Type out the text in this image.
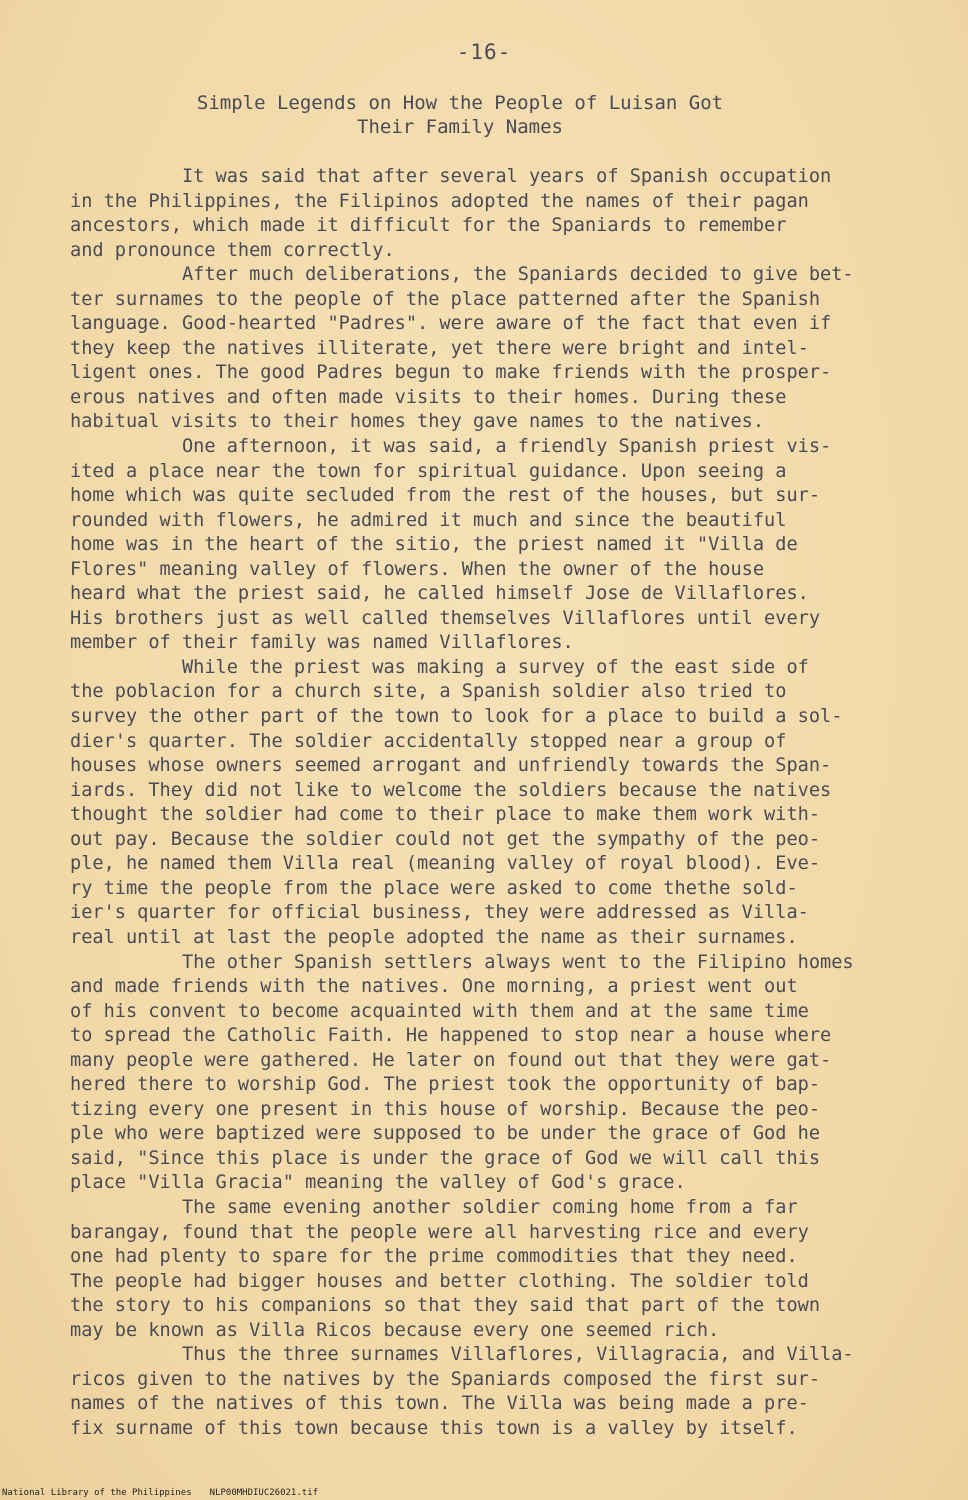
-16-
Simple Legends on How the People of Luisan Got
Their Family Names
It was said that after several years of Spanish occupation
in the Philippines, the Filipinos adopted the names of their pagan
ancestors, which made it difficult for the Spaniards to remember
and pronounce them correctly.
After much deliberations, the Spaniards decided to give bet-
ter surnames to the people of the place patterned after the Spanish
language. Good-hearted "Padres". were aware of the fact that even if
they keep the natives illiterate, yet there were bright and intel-
ligent ones. The good Padres begun to make friends with the prosper-
erous natives and often made visits to their homes. During these
habitual visits to their homes they gave names to the natives.
One afternoon, it was said, a friendly Spanish priest vis-
ited a place near the town for spiritual guidance. Upon seeing a
home which was quite secluded from the rest of the houses, but sur-
rounded with flowers, he admired it much and since the beautiful
home was in the heart of the sitio, the priest named it "Villa de
Flores" meaning valley of flowers. When the owner of the house
heard what the priest said, he called himself Jose de Villaflores.
His brothers just as well called themselves Villaflores until every
member of their family was named Villaflores.
While the priest was making a survey of the east side of
the poblacion for a church site, a Spanish soldier also tried to
survey the other part of the town to look for a place to build a sol-
dier's quarter. The soldier accidentally stopped near a group of
houses whose owners seemed arrogant and unfriendly towards the Span-
iards. They did not like to welcome the soldiers because the natives
thought the soldier had come to their place to make them work with-
out pay. Because the soldier could not get the sympathy of the peo-
ple, he named them Villa real (meaning valley of royal blood). Eve-
ry time the people from the place were asked to come thethe sold-
ier's quarter for official business, they were addressed as Villa-
real until at last the people adopted the name as their surnames.
The other Spanish settlers always went to the Filipino homes
and made friends with the natives. One morning, a priest went out
of his convent to become acquainted with them and at the same time
to spread the Catholic Faith. He happened to stop near a house where
many people were gathered. He later on found out that they were gat-
hered there to worship God. The priest took the opportunity of bap-
tizing every one present in this house of worship. Because the peo-
ple who were baptized were supposed to be under the grace of God he
said, "Since this place is under the grace of God we will call this
place "Villa Gracia" meaning the valley of God's grace.
The same evening another soldier coming home from a far
barangay, found that the people were all harvesting rice and every
one had plenty to spare for the prime commodities that they need.
The people had bigger houses and better clothing. The soldier told
the story to his companions so that they said that part of the town
may be known as Villa Ricos because every one seemed rich.
Thus the three surnames Villaflores, Villagracia, and Villa-
ricos given to the natives by the Spaniards composed the first sur-
names of the natives of this town. The Villa was being made a pre-
fix surname of this town because this town is a valley by itself.
National Library of the Philippines NLP00MHDIUC26021.tif
